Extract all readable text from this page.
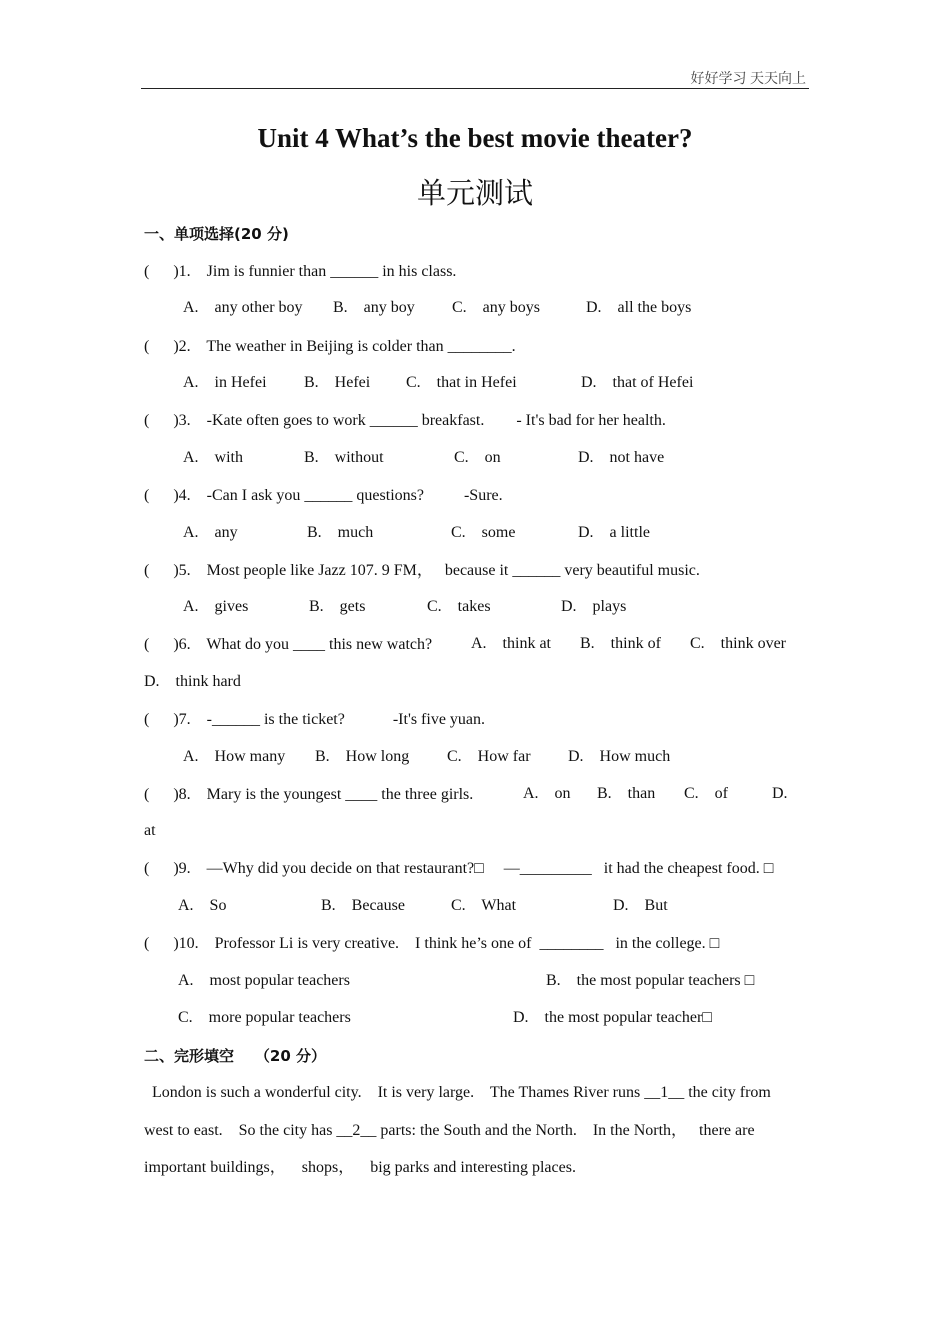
好好学习 天天向上
Unit 4 What’s the best movie theater?
单元测试
一、单项选择(20 分)
(      )1.    Jim is funnier than ______ in his class.
A.    any other boy B.    any boy C.    any boys	D.    all the boys
(      )2.    The weather in Beijing is colder than ________.
A.    in Hefei B.    Hefei C.    that in Hefei	D.    that of Hefei
(      )3.    -Kate often goes to work ______ breakfast.        - It's bad for her health.
A.    with	B.    without	C.    on	D.    not have
(      )4.    -Can I ask you ______ questions?          -Sure.
A.    any	B.    much	C.    some	D.    a little
(      )5.    Most people like Jazz 107. 9 FM，   because it ______ very beautiful music.
A.    gives	B.    gets	C.    takes	D.    plays
(      )6.    What do you ____ this new watch? A.    think at B.    think of C.    think over
D.    think hard
(      )7.    -______ is the ticket?            -It's five yuan.
A.    How many B.    How long C.    How far D.    How much
(      )8.    Mary is the youngest ____ the three girls.	A.    on B.    than C.    of	D.
at
(      )9.    —Why did you decide on that restaurant?□     —_________   it had the cheapest food. □
A.    So	B.    Because	C.    What	D.    But
(      )10.    Professor Li is very creative.    I think he’s one of  ________   in the college. □
A.    most popular teachers	B.    the most popular teachers □
C.    more popular teachers	D.    the most popular teacher□
二、完形填空    （20 分）
London is such a wonderful city.    It is very large.    The Thames River runs __1__ the city from
west to east.    So the city has __2__ parts: the South and the North.    In the North，   there are
important buildings，    shops，    big parks and interesting places.
